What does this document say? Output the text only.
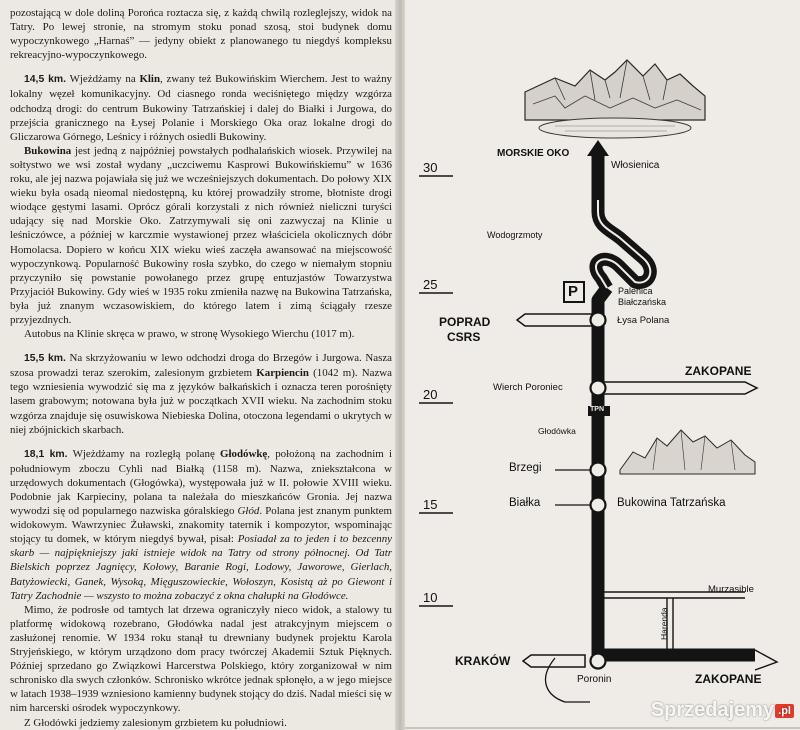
pozostającą w dole doliną Porońca roztacza się, z każdą chwilą rozleglejszy, widok na Tatry. Po lewej stronie, na stromym stoku ponad szosą, stoi budynek domu wypoczynkowego „Harnaś” — jedyny obiekt z planowanego tu niegdyś kompleksu rekreacyjno-wypoczynkowego.

14,5 km. Wjeżdżamy na Klin, zwany też Bukowińskim Wierchem. Jest to ważny lokalny węzeł komunikacyjny. Od ciasnego ronda weciśniętego między wzgórza odchodzą drogi: do centrum Bukowiny Tatrzańskiej i dalej do Białki i Jurgowa, do przejścia granicznego na Łysej Polanie i Morskiego Oka oraz lokalne drogi do Gliczarowa Górnego, Leśnicy i różnych osiedli Bukowiny.

Bukowina jest jedną z najpóźniej powstałych podhalańskich wiosek. Przywilej na sołtystwo we wsi został wydany „uczciwemu Kasprowi Bukowińskiemu” w 1636 roku, ale jej nazwa pojawiała się już we wcześniejszych dokumentach. Do połowy XIX wieku była osadą nieomal niedostępną, ku której prowadziły strome, błotniste drogi wiodące gęstymi lasami. Oprócz górali korzystali z nich również nieliczni turyści udający się nad Morskie Oko. Zatrzymywali się oni zazwyczaj na Klinie u leśniczówce, a później w karczmie wystawionej przez właściciela okolicznych dóbr Homolacsa. Dopiero w końcu XIX wieku wieś zaczęła awansować na miejscowość wypoczynkową. Popularność Bukowiny rosła szybko, do czego w niemałym stopniu przyczyniło się powstanie powołanego przez grupę entuzjastów Towarzystwa Przyjaciół Bukowiny. Gdy wieś w 1935 roku zmieniła nazwę na Bukowina Tatrzańska, była już znanym wczasowiskiem, do którego latem i zimą ściągały rzesze przyjezdnych.

Autobus na Klinie skręca w prawo, w stronę Wysokiego Wierchu (1017 m).

15,5 km. Na skrzyżowaniu w lewo odchodzi droga do Brzegów i Jurgowa. Nasza szosa prowadzi teraz szerokim, zalesionym grzbietem Karpiencin (1042 m). Nazwa tego wzniesienia wywodzić się ma z języków bałkańskich i oznacza teren porośnięty lasem grabowym; notowana była już w początkach XVII wieku. Na zachodnim stoku wzgórza znajduje się osuwiskowa Niebieska Dolina, otoczona legendami o ukrytych w niej zbójnickich skarbach.

18,1 km. Wjeżdżamy na rozległą polanę Głodówkę, położoną na zachodnim i południowym zboczu Cyhli nad Białką (1158 m). Nazwa, zniekształcona w urzędowych dokumentach (Głogówka), występowała już w II. połowie XVIII wieku. Podobnie jak Karpieciny, polana ta należała do mieszkańców Gronia. Jej nazwa wywodzi się od popularnego nazwiska góralskiego Głód. Polana jest znanym punktem widokowym. Wawrzyniec Żuławski, znakomity taternik i kompozytor, wspominając stojący tu domek, w którym niegdyś bywał, pisał: Posiadał za to jeden i to bezcenny skarb — najpiękniejszy jaki istnieje widok na Tatry od strony północnej. Od Tatr Bielskich poprzez Jagnięcy, Kołowy, Baranie Rogi, Lodowy, Jaworowe, Gierlach, Batyżowiecki, Ganek, Wysoką, Mięguszowieckie, Wołoszyn, Kosistą aż po Giewont i Tatry Zachodnie — wszysto to można zobaczyć z okna chałupki na Głodówce.

Mimo, że podrosłe od tamtych lat drzewa ograniczyły nieco widok, a stalowy tu platformę widokową rozebrano, Głodówka nadal jest atrakcyjnym miejscem o zasłużonej renomie. W 1934 roku stanął tu drewniany budynek projektu Karola Stryjeńskiego, w którym urządzono dom pracy twórczej Akademii Sztuk Pięknych. Później sprzedano go Związkowi Harcerstwa Polskiego, który zorganizował w nim schronisko dla swych członków. Schronisko wkrótce jednak spłonęło, a w jego miejsce w latach 1938–1939 wzniesiono kamienny budynek stojący do dziś. Nadal mieści się w nim harcerski ośrodek wypoczynkowy.

Z Głodówki jedziemy zalesionym grzbietem ku południowi.

30
25
20
15
10
MORSKIE OKO
Włosienica
Wodogrzmoty
P	Palenica
Białczańska
POPRAD
CSRS
Łysa Polana
ZAKOPANE
Wierch Poroniec
TPN
Głodówka
Brzegi
Białka	Bukowina Tatrzańska
Murzasihle
Harenda
KRAKÓW
Poronin	ZAKOPANE
Sprzedajemy .pl
